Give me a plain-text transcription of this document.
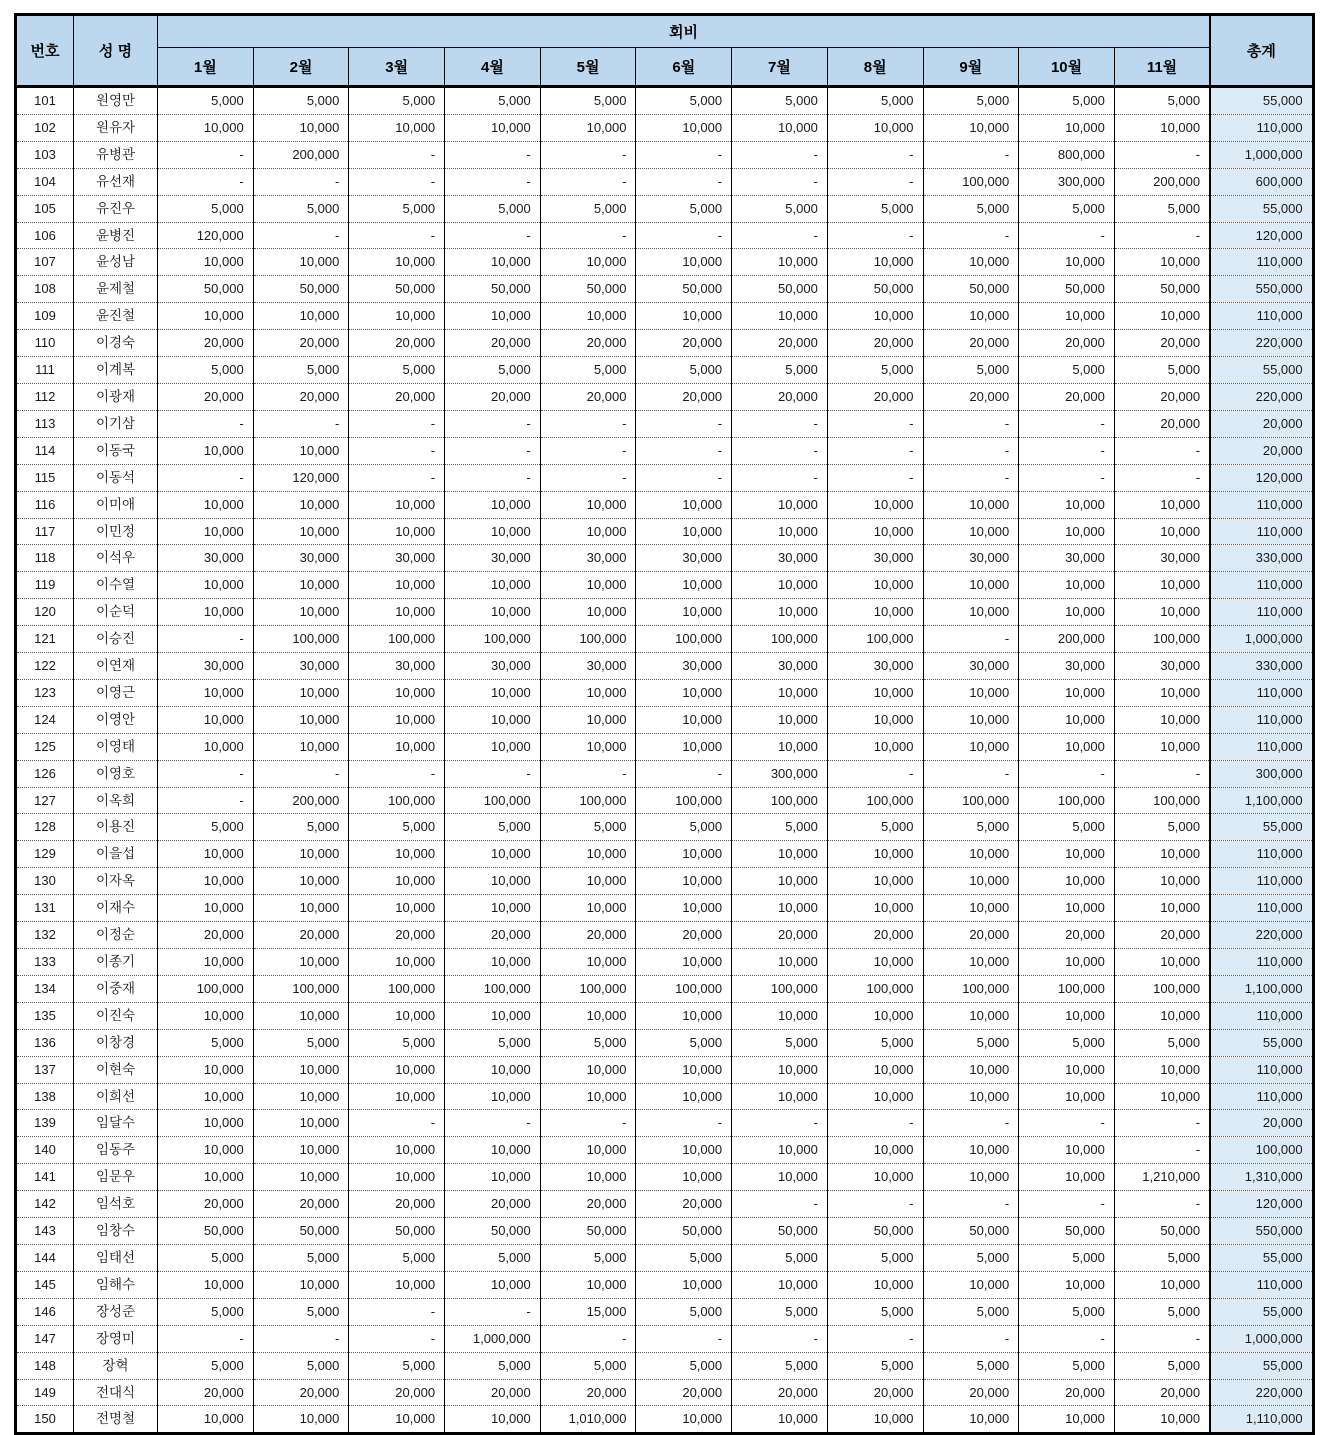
번호	성 명	회비											총계
		1월	2월	3월	4월	5월	6월	7월	8월	9월	10월	11월	
101	원영만	5,000	5,000	5,000	5,000	5,000	5,000	5,000	5,000	5,000	5,000	5,000	55,000
102	원유자	10,000	10,000	10,000	10,000	10,000	10,000	10,000	10,000	10,000	10,000	10,000	110,000
103	유병관	-	200,000	-	-	-	-	-	-	-	800,000	-	1,000,000
104	유선재	-	-	-	-	-	-	-	-	100,000	300,000	200,000	600,000
105	유진우	5,000	5,000	5,000	5,000	5,000	5,000	5,000	5,000	5,000	5,000	5,000	55,000
106	윤병진	120,000	-	-	-	-	-	-	-	-	-	-	120,000
107	윤성남	10,000	10,000	10,000	10,000	10,000	10,000	10,000	10,000	10,000	10,000	10,000	110,000
108	윤제철	50,000	50,000	50,000	50,000	50,000	50,000	50,000	50,000	50,000	50,000	50,000	550,000
109	윤진철	10,000	10,000	10,000	10,000	10,000	10,000	10,000	10,000	10,000	10,000	10,000	110,000
110	이경숙	20,000	20,000	20,000	20,000	20,000	20,000	20,000	20,000	20,000	20,000	20,000	220,000
111	이계복	5,000	5,000	5,000	5,000	5,000	5,000	5,000	5,000	5,000	5,000	5,000	55,000
112	이광재	20,000	20,000	20,000	20,000	20,000	20,000	20,000	20,000	20,000	20,000	20,000	220,000
113	이기삼	-	-	-	-	-	-	-	-	-	-	20,000	20,000
114	이동국	10,000	10,000	-	-	-	-	-	-	-	-	-	20,000
115	이동석	-	120,000	-	-	-	-	-	-	-	-	-	120,000
116	이미애	10,000	10,000	10,000	10,000	10,000	10,000	10,000	10,000	10,000	10,000	10,000	110,000
117	이민정	10,000	10,000	10,000	10,000	10,000	10,000	10,000	10,000	10,000	10,000	10,000	110,000
118	이석우	30,000	30,000	30,000	30,000	30,000	30,000	30,000	30,000	30,000	30,000	30,000	330,000
119	이수열	10,000	10,000	10,000	10,000	10,000	10,000	10,000	10,000	10,000	10,000	10,000	110,000
120	이순덕	10,000	10,000	10,000	10,000	10,000	10,000	10,000	10,000	10,000	10,000	10,000	110,000
121	이승진	-	100,000	100,000	100,000	100,000	100,000	100,000	100,000	-	200,000	100,000	1,000,000
122	이연재	30,000	30,000	30,000	30,000	30,000	30,000	30,000	30,000	30,000	30,000	30,000	330,000
123	이영근	10,000	10,000	10,000	10,000	10,000	10,000	10,000	10,000	10,000	10,000	10,000	110,000
124	이영안	10,000	10,000	10,000	10,000	10,000	10,000	10,000	10,000	10,000	10,000	10,000	110,000
125	이영태	10,000	10,000	10,000	10,000	10,000	10,000	10,000	10,000	10,000	10,000	10,000	110,000
126	이영호	-	-	-	-	-	-	300,000	-	-	-	-	300,000
127	이옥희	-	200,000	100,000	100,000	100,000	100,000	100,000	100,000	100,000	100,000	100,000	1,100,000
128	이용진	5,000	5,000	5,000	5,000	5,000	5,000	5,000	5,000	5,000	5,000	5,000	55,000
129	이을섭	10,000	10,000	10,000	10,000	10,000	10,000	10,000	10,000	10,000	10,000	10,000	110,000
130	이자옥	10,000	10,000	10,000	10,000	10,000	10,000	10,000	10,000	10,000	10,000	10,000	110,000
131	이재수	10,000	10,000	10,000	10,000	10,000	10,000	10,000	10,000	10,000	10,000	10,000	110,000
132	이정순	20,000	20,000	20,000	20,000	20,000	20,000	20,000	20,000	20,000	20,000	20,000	220,000
133	이종기	10,000	10,000	10,000	10,000	10,000	10,000	10,000	10,000	10,000	10,000	10,000	110,000
134	이중재	100,000	100,000	100,000	100,000	100,000	100,000	100,000	100,000	100,000	100,000	100,000	1,100,000
135	이진숙	10,000	10,000	10,000	10,000	10,000	10,000	10,000	10,000	10,000	10,000	10,000	110,000
136	이창경	5,000	5,000	5,000	5,000	5,000	5,000	5,000	5,000	5,000	5,000	5,000	55,000
137	이현숙	10,000	10,000	10,000	10,000	10,000	10,000	10,000	10,000	10,000	10,000	10,000	110,000
138	이희선	10,000	10,000	10,000	10,000	10,000	10,000	10,000	10,000	10,000	10,000	10,000	110,000
139	임달수	10,000	10,000	-	-	-	-	-	-	-	-	-	20,000
140	임동주	10,000	10,000	10,000	10,000	10,000	10,000	10,000	10,000	10,000	10,000	-	100,000
141	임문우	10,000	10,000	10,000	10,000	10,000	10,000	10,000	10,000	10,000	10,000	1,210,000	1,310,000
142	임석호	20,000	20,000	20,000	20,000	20,000	20,000	-	-	-	-	-	120,000
143	임창수	50,000	50,000	50,000	50,000	50,000	50,000	50,000	50,000	50,000	50,000	50,000	550,000
144	임태선	5,000	5,000	5,000	5,000	5,000	5,000	5,000	5,000	5,000	5,000	5,000	55,000
145	임해수	10,000	10,000	10,000	10,000	10,000	10,000	10,000	10,000	10,000	10,000	10,000	110,000
146	장성준	5,000	5,000	-	-	15,000	5,000	5,000	5,000	5,000	5,000	5,000	55,000
147	장영미	-	-	-	1,000,000	-	-	-	-	-	-	-	1,000,000
148	장혁	5,000	5,000	5,000	5,000	5,000	5,000	5,000	5,000	5,000	5,000	5,000	55,000
149	전대식	20,000	20,000	20,000	20,000	20,000	20,000	20,000	20,000	20,000	20,000	20,000	220,000
150	전명철	10,000	10,000	10,000	10,000	1,010,000	10,000	10,000	10,000	10,000	10,000	10,000	1,110,000
